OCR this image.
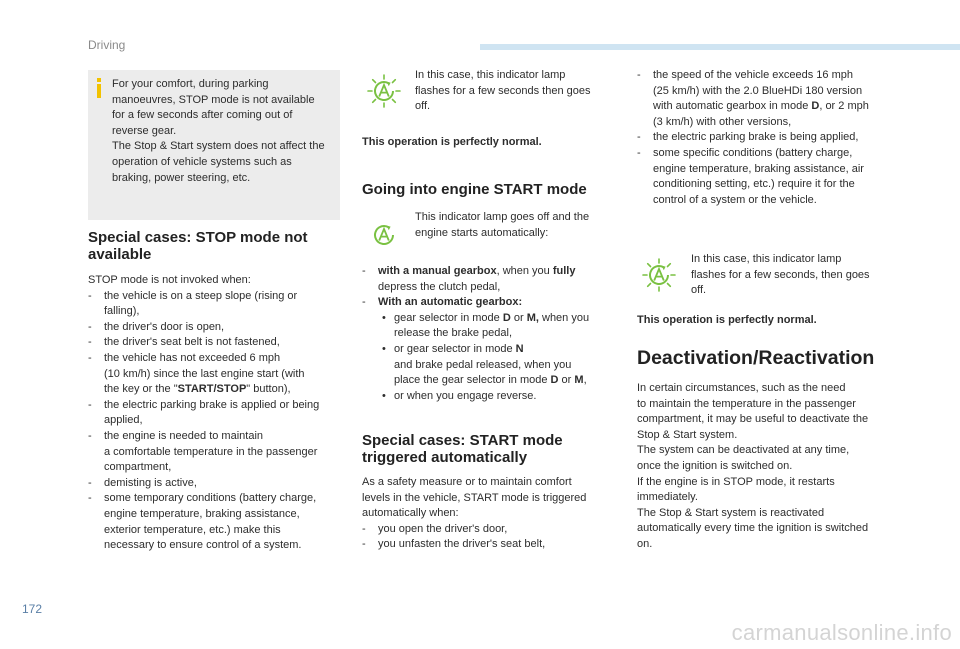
Driving
For your comfort, during parking
manoeuvres, STOP mode is not available
for a few seconds after coming out of
reverse gear.
The Stop & Start system does not affect the
operation of vehicle systems such as
braking, power steering, etc.
Special cases: STOP mode not
available
STOP mode is not invoked when:
- the vehicle is on a steep slope (rising or
falling),
- the driver's door is open,
- the driver's seat belt is not fastened,
- the vehicle has not exceeded 6 mph
(10 km/h) since the last engine start (with
the key or the "START/STOP" button),
- the electric parking brake is applied or being
applied,
- the engine is needed to maintain
a comfortable temperature in the passenger
compartment,
- demisting is active,
- some temporary conditions (battery charge,
engine temperature, braking assistance,
exterior temperature, etc.) make this
necessary to ensure control of a system.
In this case, this indicator lamp
flashes for a few seconds then goes
off.
This operation is perfectly normal.
Going into engine START mode
This indicator lamp goes off and the
engine starts automatically:
- with a manual gearbox, when you fully
depress the clutch pedal,
- With an automatic gearbox:
• gear selector in mode D or M, when you
release the brake pedal,
• or gear selector in mode N
and brake pedal released, when you
place the gear selector in mode D or M,
• or when you engage reverse.
Special cases: START mode
triggered automatically
As a safety measure or to maintain comfort
levels in the vehicle, START mode is triggered
automatically when:
- you open the driver's door,
- you unfasten the driver's seat belt,
- the speed of the vehicle exceeds 16 mph
(25 km/h) with the 2.0 BlueHDi 180 version
with automatic gearbox in mode D, or 2 mph
(3 km/h) with other versions,
- the electric parking brake is being applied,
- some specific conditions (battery charge,
engine temperature, braking assistance, air
conditioning setting, etc.) require it for the
control of a system or the vehicle.
In this case, this indicator lamp
flashes for a few seconds, then goes
off.
This operation is perfectly normal.
Deactivation/Reactivation
In certain circumstances, such as the need
to maintain the temperature in the passenger
compartment, it may be useful to deactivate the
Stop & Start system.
The system can be deactivated at any time,
once the ignition is switched on.
If the engine is in STOP mode, it restarts
immediately.
The Stop & Start system is reactivated
automatically every time the ignition is switched
on.
172
carmanualsonline.info
